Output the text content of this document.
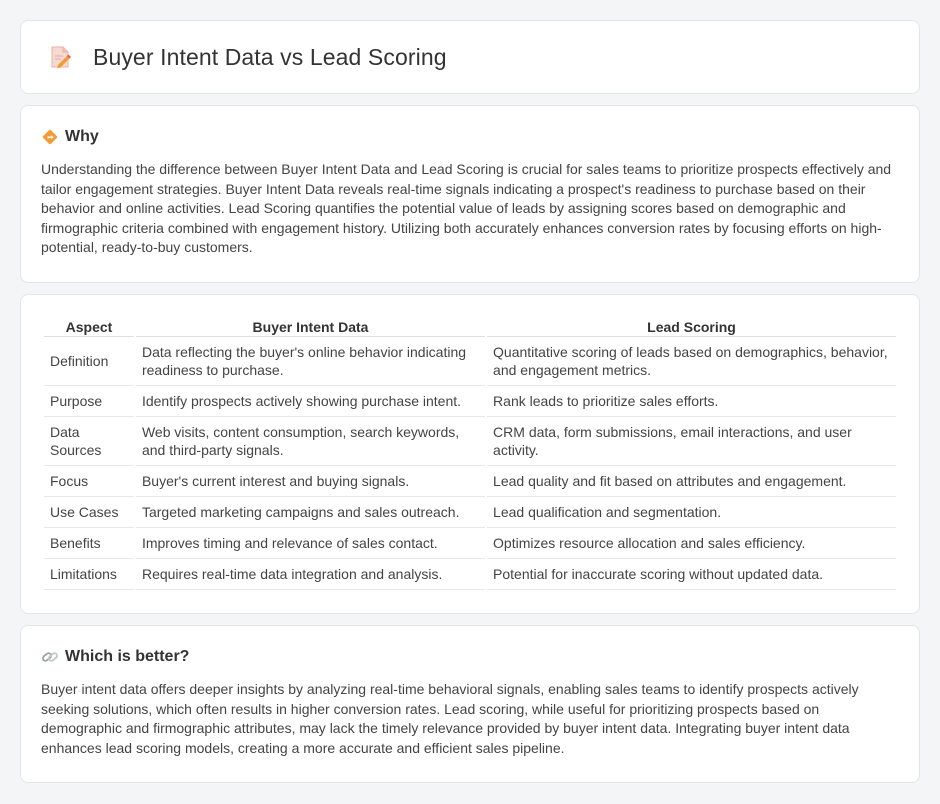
Buyer Intent Data vs Lead Scoring
Why

Understanding the difference between Buyer Intent Data and Lead Scoring is crucial for sales teams to prioritize prospects effectively and tailor engagement strategies. Buyer Intent Data reveals real-time signals indicating a prospect's readiness to purchase based on their behavior and online activities. Lead Scoring quantifies the potential value of leads by assigning scores based on demographic and firmographic criteria combined with engagement history. Utilizing both accurately enhances conversion rates by focusing efforts on high-potential, ready-to-buy customers.

Aspect	Buyer Intent Data	Lead Scoring
Definition	Data reflecting the buyer's online behavior indicating readiness to purchase.	Quantitative scoring of leads based on demographics, behavior, and engagement metrics.
Purpose	Identify prospects actively showing purchase intent.	Rank leads to prioritize sales efforts.
Data Sources	Web visits, content consumption, search keywords, and third-party signals.	CRM data, form submissions, email interactions, and user activity.
Focus	Buyer's current interest and buying signals.	Lead quality and fit based on attributes and engagement.
Use Cases	Targeted marketing campaigns and sales outreach.	Lead qualification and segmentation.
Benefits	Improves timing and relevance of sales contact.	Optimizes resource allocation and sales efficiency.
Limitations	Requires real-time data integration and analysis.	Potential for inaccurate scoring without updated data.
Which is better?

Buyer intent data offers deeper insights by analyzing real-time behavioral signals, enabling sales teams to identify prospects actively seeking solutions, which often results in higher conversion rates. Lead scoring, while useful for prioritizing prospects based on demographic and firmographic attributes, may lack the timely relevance provided by buyer intent data. Integrating buyer intent data enhances lead scoring models, creating a more accurate and efficient sales pipeline.
